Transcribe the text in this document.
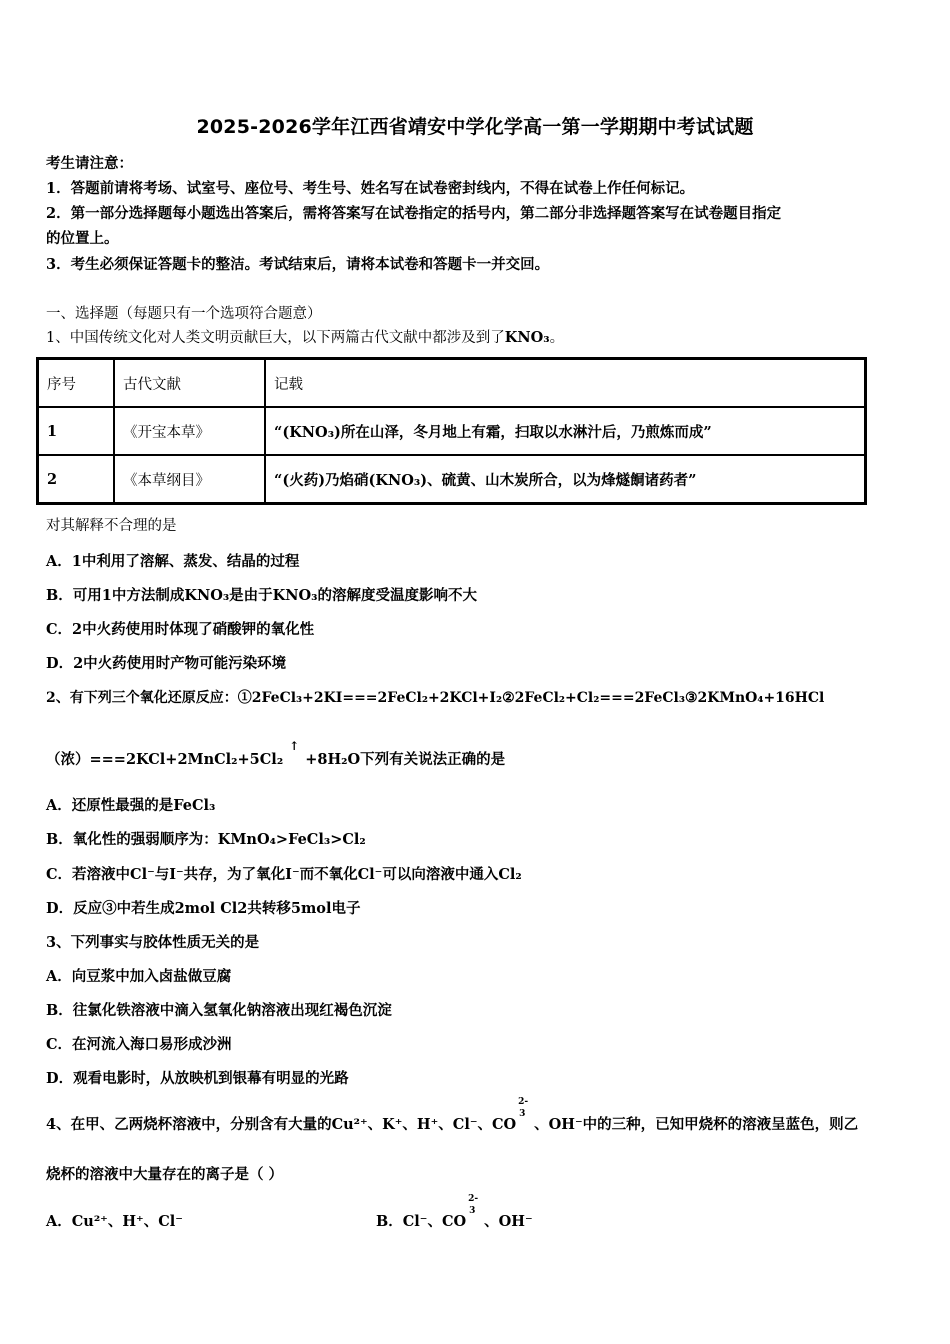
2025-2026学年江西省靖安中学化学高一第一学期期中考试试题
考生请注意：
1．答题前请将考场、试室号、座位号、考生号、姓名写在试卷密封线内，不得在试卷上作任何标记。
2．第一部分选择题每小题选出答案后，需将答案写在试卷指定的括号内，第二部分非选择题答案写在试卷题目指定
的位置上。
3．考生必须保证答题卡的整洁。考试结束后，请将本试卷和答题卡一并交回。
一、选择题（每题只有一个选项符合题意）
1、中国传统文化对人类文明贡献巨大，以下两篇古代文献中都涉及到了KNO₃。
序号	古代文献	记载
1	《开宝本草》	“(KNO₃)所在山泽，冬月地上有霜，扫取以水淋汁后，乃煎炼而成”
2	《本草纲目》	“(火药)乃焰硝(KNO₃)、硫黄、山木炭所合，以为烽燧餇诸药者”
对其解释不合理的是
A．1中利用了溶解、蒸发、结晶的过程
B．可用1中方法制成KNO₃是由于KNO₃的溶解度受温度影响不大
C．2中火药使用时体现了硝酸钾的氧化性
D．2中火药使用时产物可能污染环境
2、有下列三个氧化还原反应：①2FeCl₃+2KI===2FeCl₂+2KCl+I₂②2FeCl₂+Cl₂===2FeCl₃③2KMnO₄+16HCl
（浓）===2KCl+2MnCl₂+5Cl₂↑+8H₂O下列有关说法正确的是
A．还原性最强的是FeCl₃
B．氧化性的强弱顺序为：KMnO₄>FeCl₃>Cl₂
C．若溶液中Cl⁻与I⁻共存，为了氧化I⁻而不氧化Cl⁻可以向溶液中通入Cl₂
D．反应③中若生成2mol Cl2共转移5mol电子
3、下列事实与胶体性质无关的是
A．向豆浆中加入卤盐做豆腐
B．往氯化铁溶液中滴入氢氧化钠溶液出现红褐色沉淀
C．在河流入海口易形成沙洲
D．观看电影时，从放映机到银幕有明显的光路
4、在甲、乙两烧杯溶液中，分别含有大量的Cu²⁺、K⁺、H⁺、Cl⁻、CO
2-
3
、OH⁻中的三种，已知甲烧杯的溶液呈蓝色，则乙
烧杯的溶液中大量存在的离子是（ ）
A．Cu²⁺、H⁺、Cl⁻	B．Cl⁻、CO
2-
3
、OH⁻
